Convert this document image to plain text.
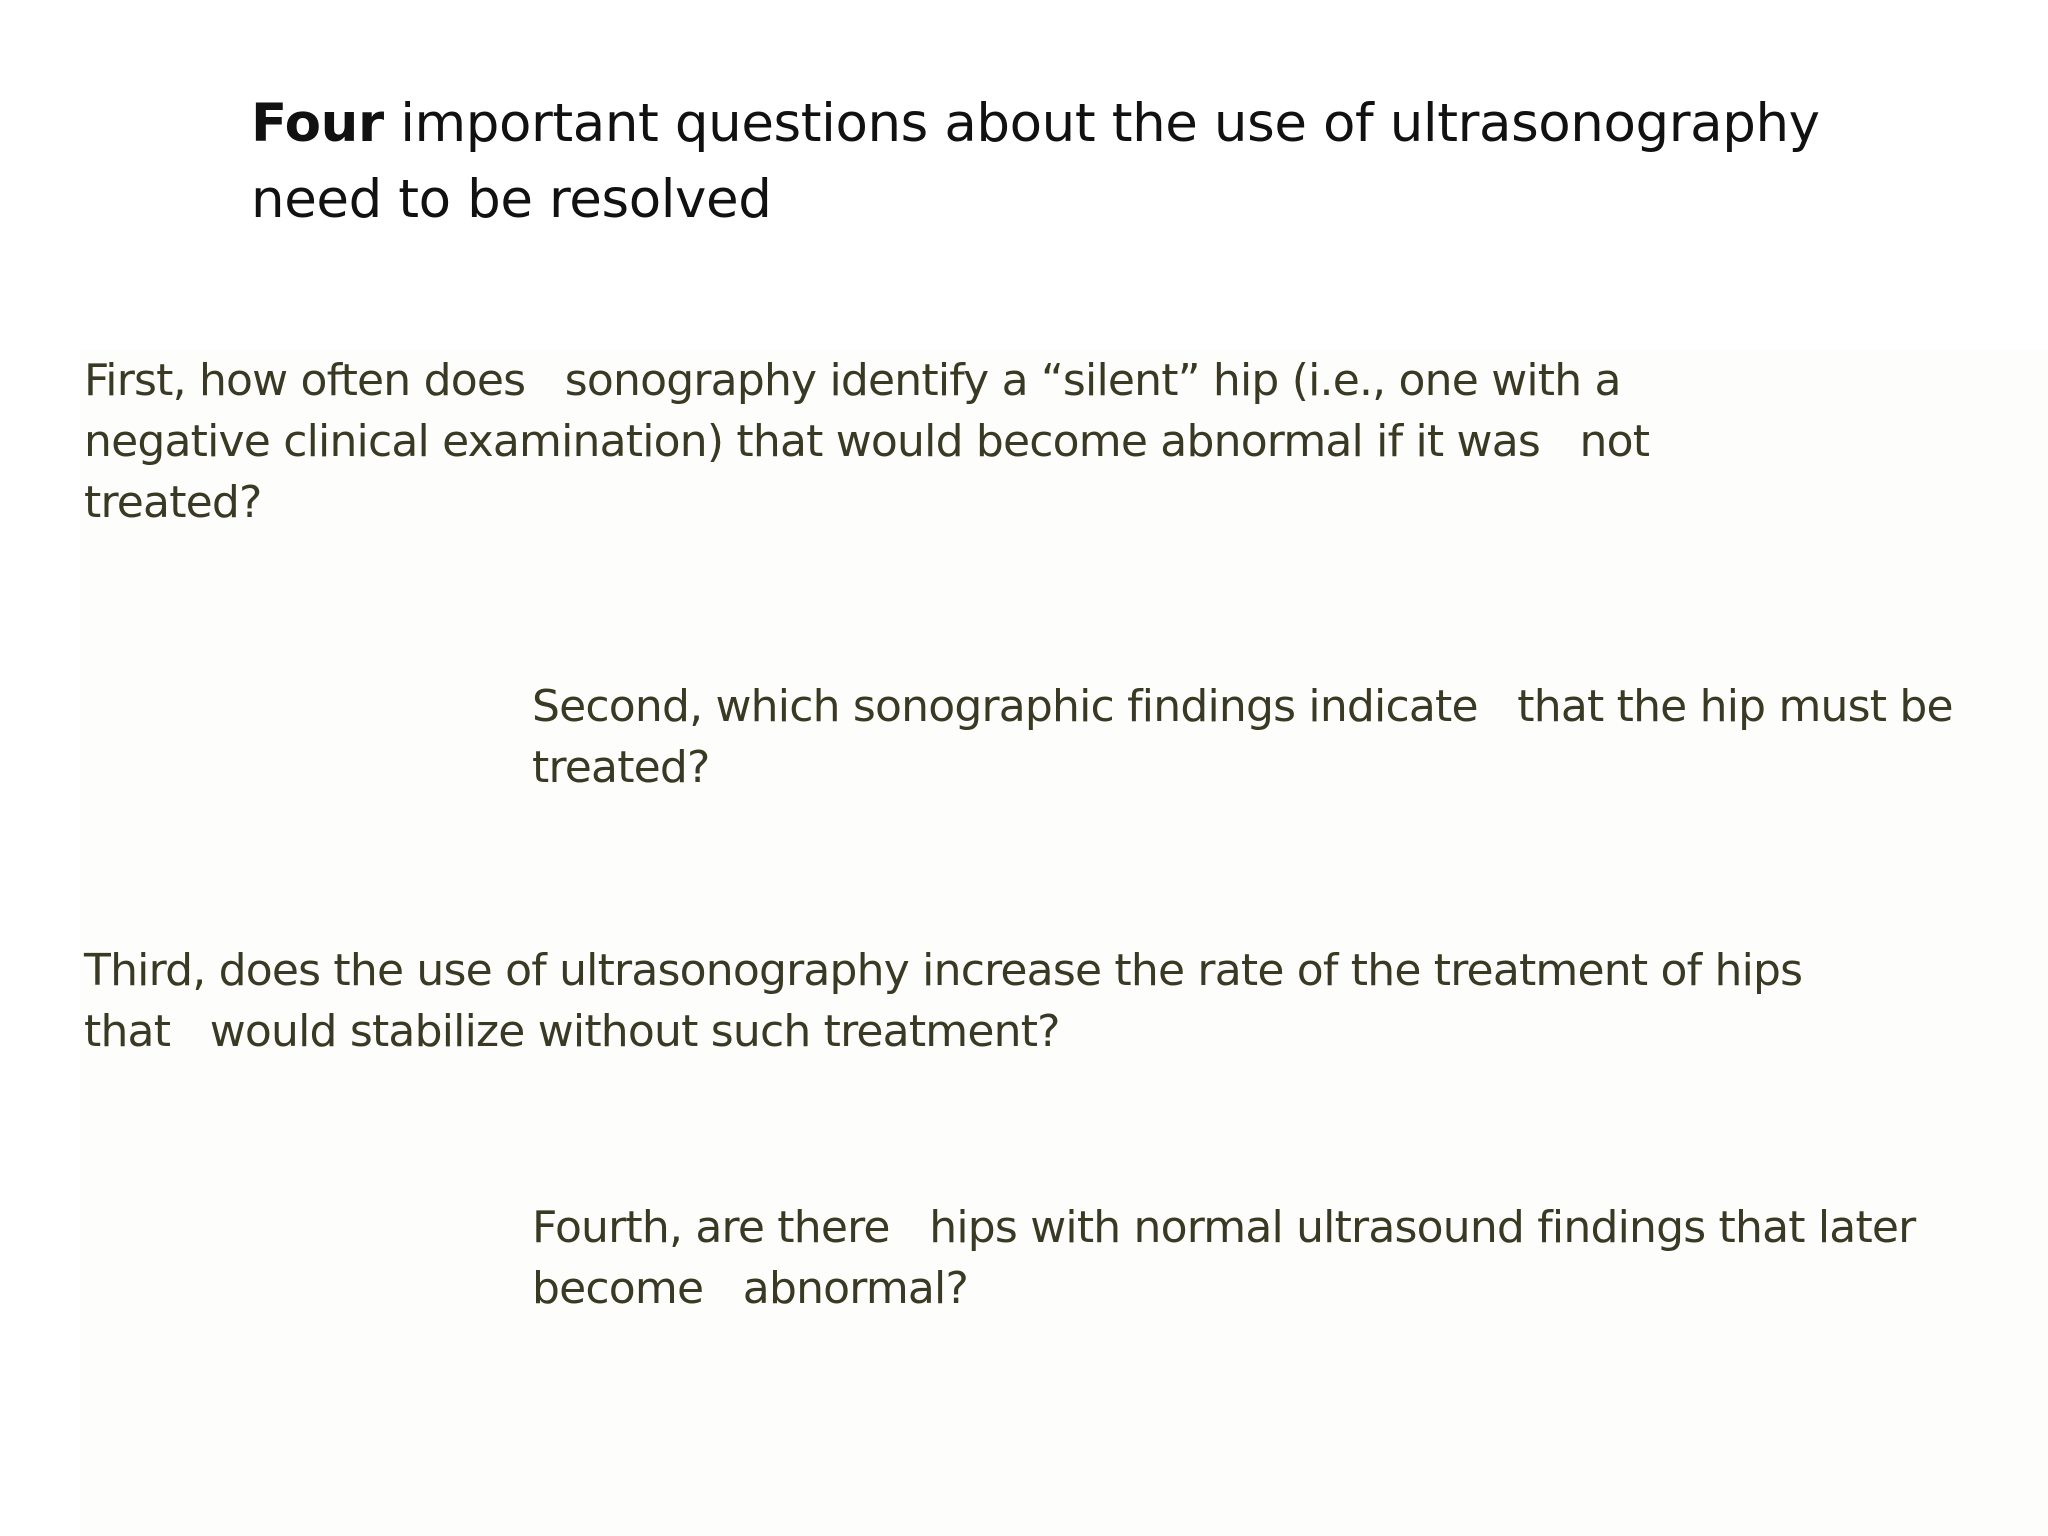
Four important questions about the use of ultrasonography
need to be resolved

First, how often does   sonography identify a “silent” hip (i.e., one with a
negative clinical examination) that would become abnormal if it was   not
treated?

Second, which sonographic findings indicate   that the hip must be
treated?

Third, does the use of ultrasonography increase the rate of the treatment of hips
that   would stabilize without such treatment?

Fourth, are there   hips with normal ultrasound findings that later
become   abnormal?
